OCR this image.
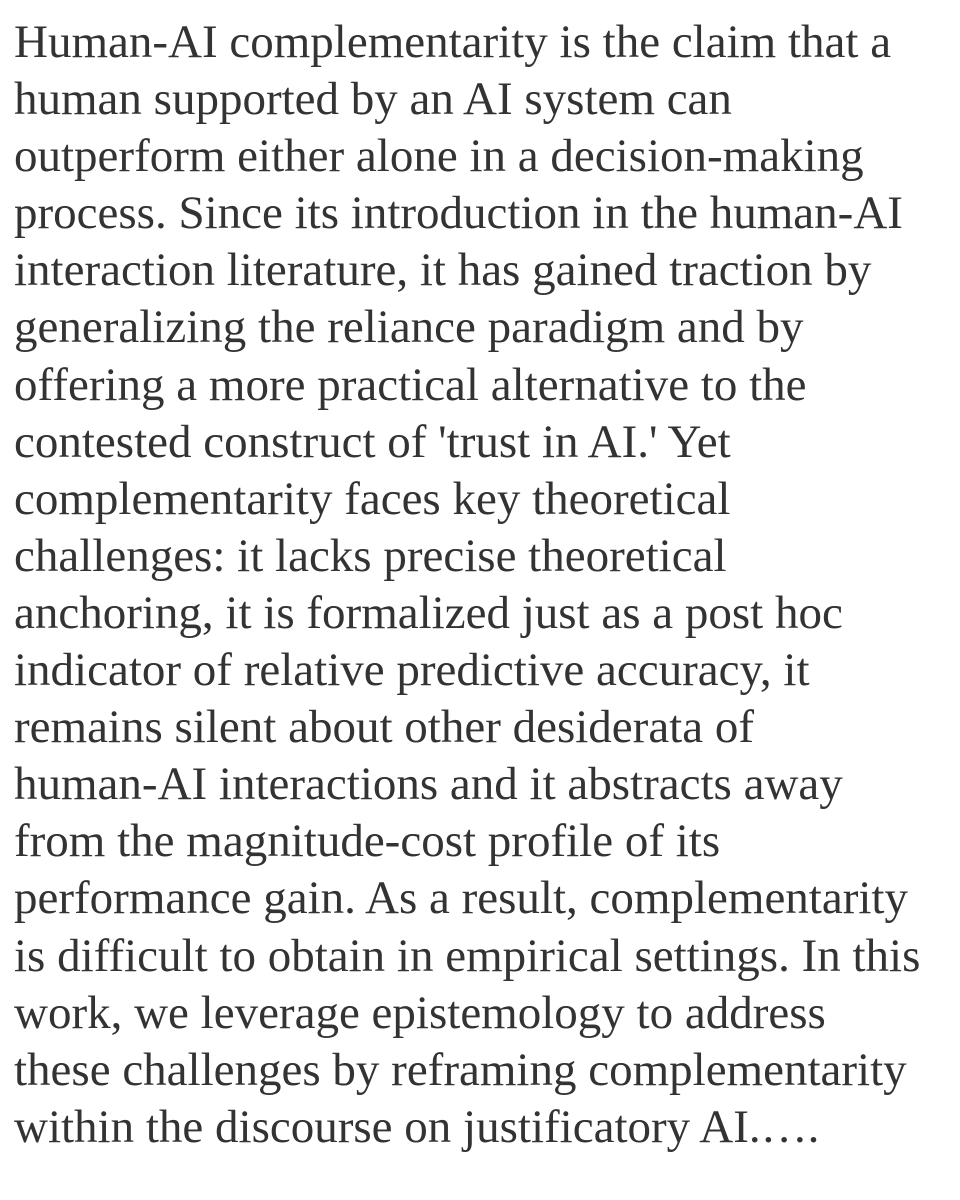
Human-AI complementarity is the claim that a
human supported by an AI system can
outperform either alone in a decision-making
process. Since its introduction in the human-AI
interaction literature, it has gained traction by
generalizing the reliance paradigm and by
offering a more practical alternative to the
contested construct of 'trust in AI.' Yet
complementarity faces key theoretical
challenges: it lacks precise theoretical
anchoring, it is formalized just as a post hoc
indicator of relative predictive accuracy, it
remains silent about other desiderata of
human-AI interactions and it abstracts away
from the magnitude-cost profile of its
performance gain. As a result, complementarity
is difficult to obtain in empirical settings. In this
work, we leverage epistemology to address
these challenges by reframing complementarity
within the discourse on justificatory AI.….
